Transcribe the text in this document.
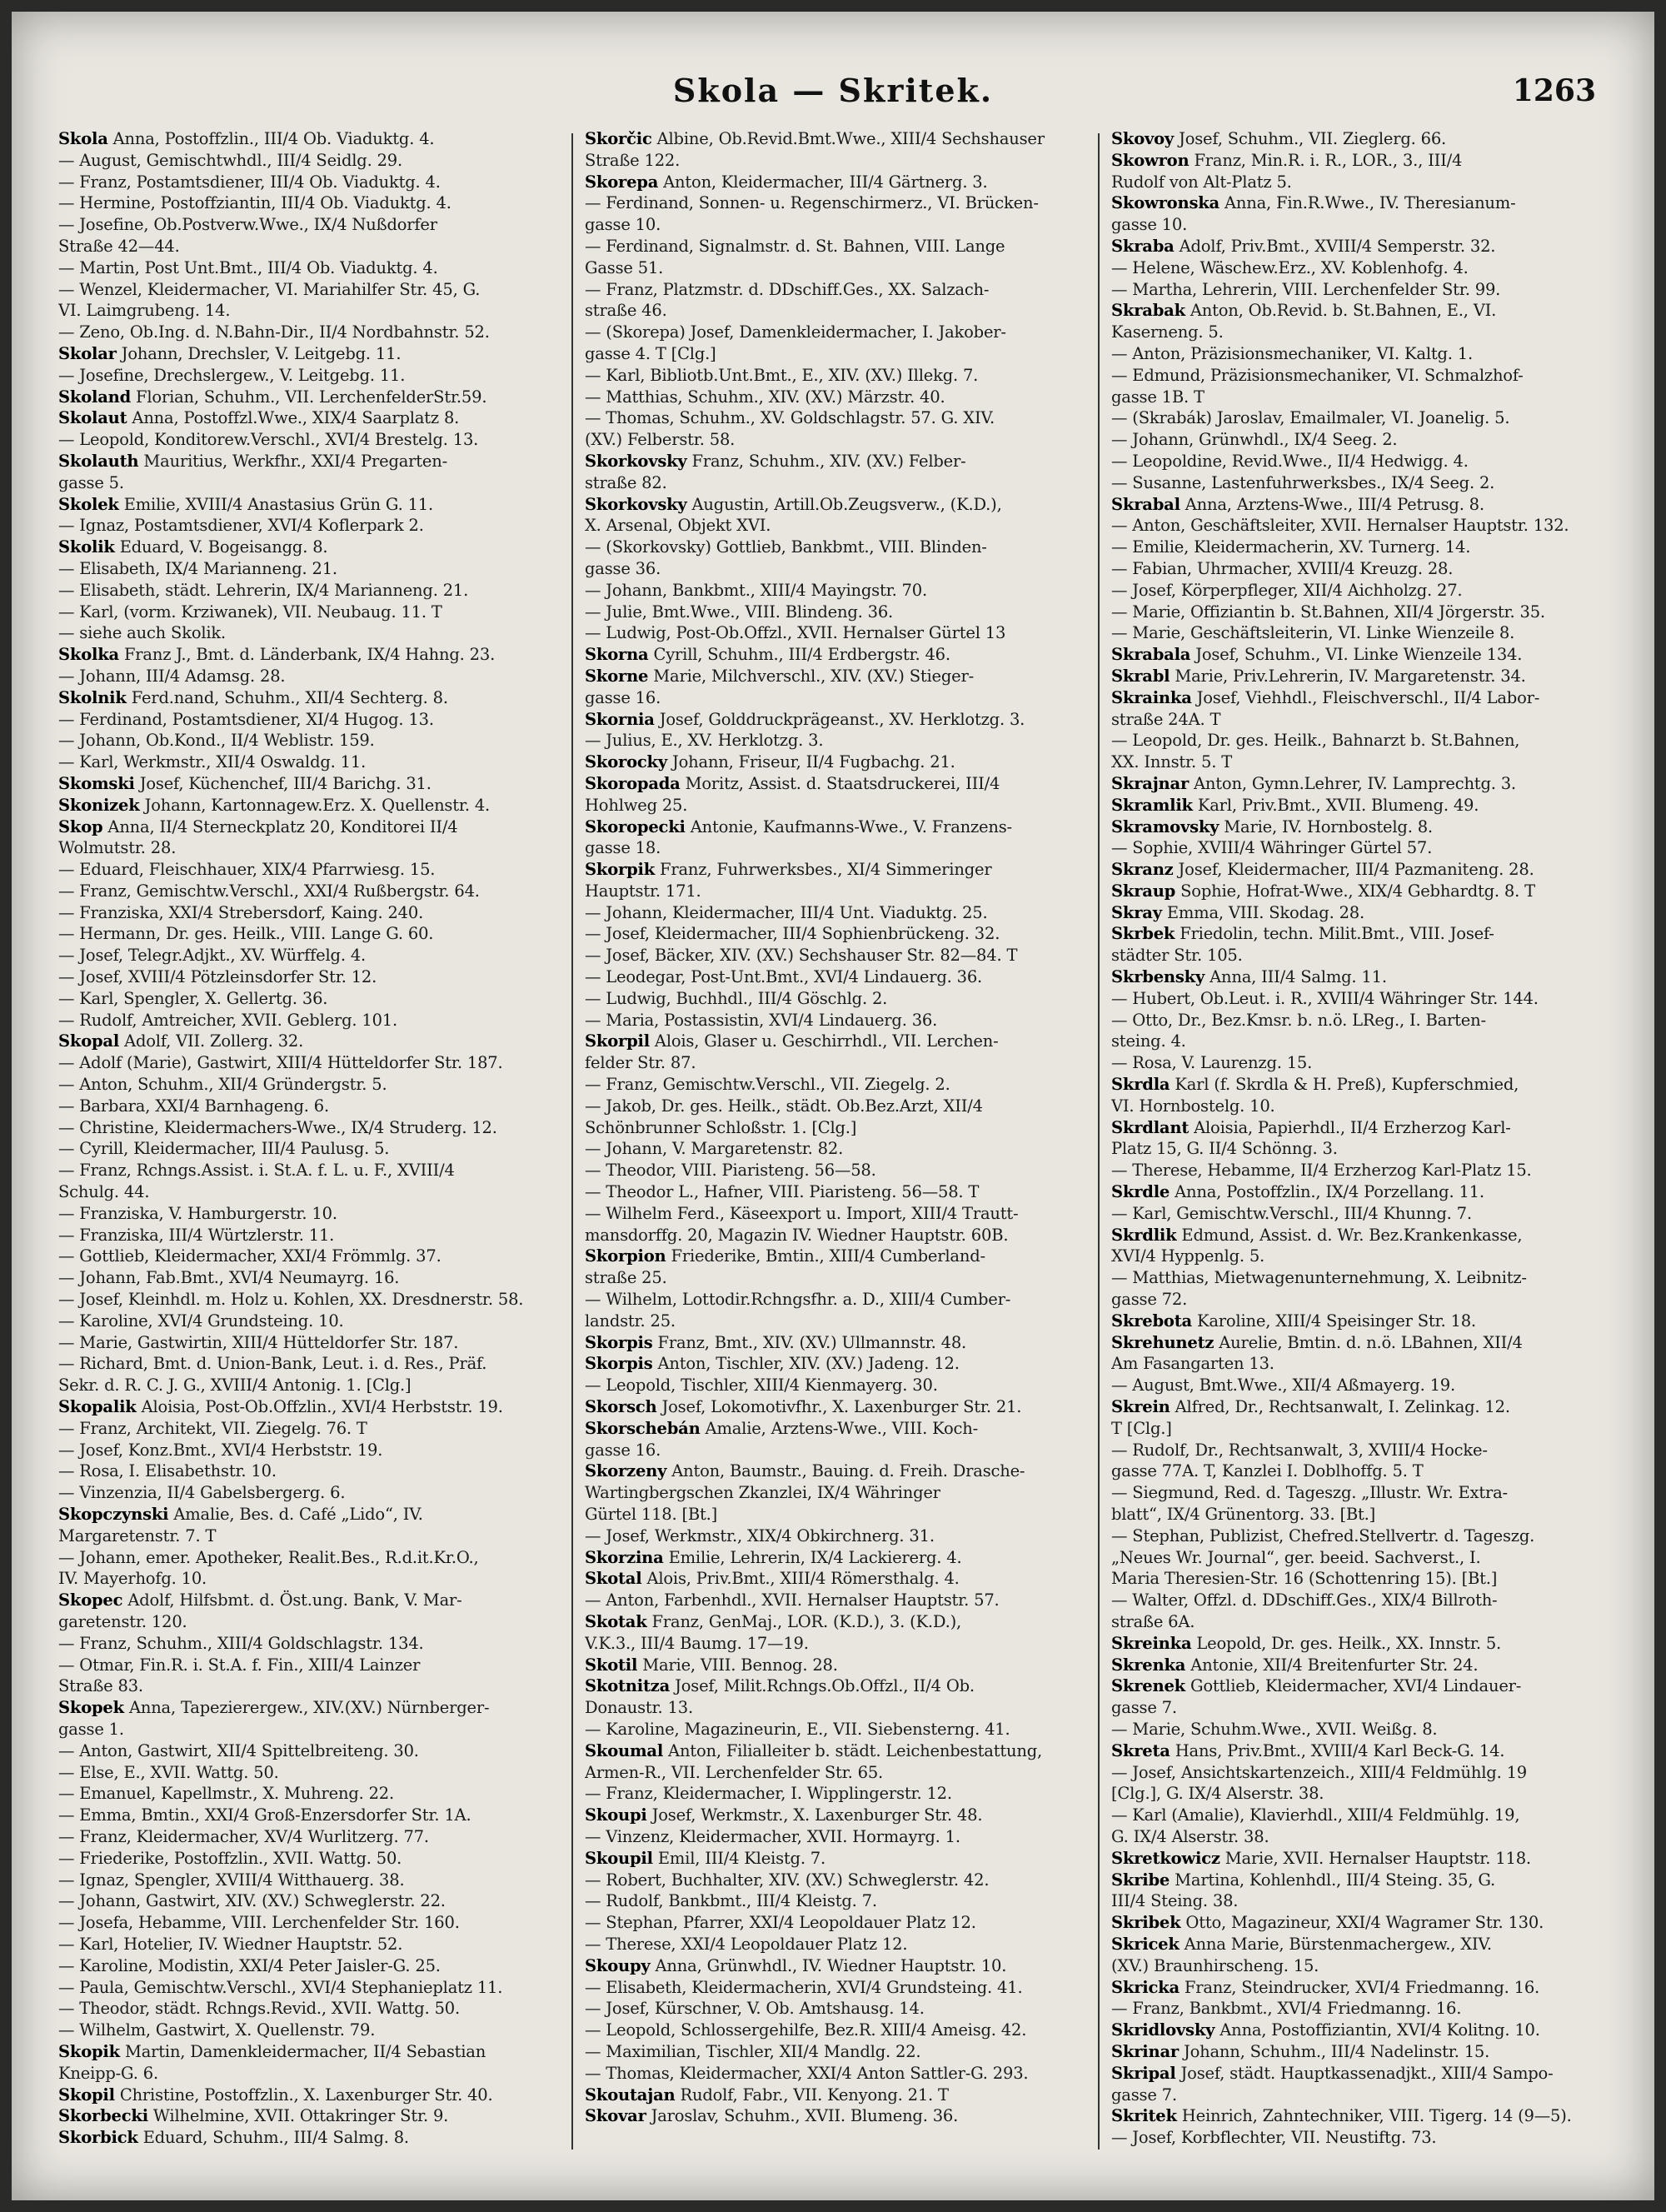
Skola — Skritek.	1263
Skola Anna, Postoffzlin., III/4 Ob. Viaduktg. 4.
— August, Gemischtwhdl., III/4 Seidlg. 29.
— Franz, Postamtsdiener, III/4 Ob. Viaduktg. 4.
— Hermine, Postoffziantin, III/4 Ob. Viaduktg. 4.
— Josefine, Ob.Postverw.Wwe., IX/4 Nußdorfer
Straße 42—44.
— Martin, Post Unt.Bmt., III/4 Ob. Viaduktg. 4.
— Wenzel, Kleidermacher, VI. Mariahilfer Str. 45, G.
VI. Laimgrubeng. 14.
— Zeno, Ob.Ing. d. N.Bahn-Dir., II/4 Nordbahnstr. 52.
Skolar Johann, Drechsler, V. Leitgebg. 11.
— Josefine, Drechslergew., V. Leitgebg. 11.
Skoland Florian, Schuhm., VII. LerchenfelderStr.59.
Skolaut Anna, Postoffzl.Wwe., XIX/4 Saarplatz 8.
— Leopold, Konditorew.Verschl., XVI/4 Brestelg. 13.
Skolauth Mauritius, Werkfhr., XXI/4 Pregarten-
gasse 5.
Skolek Emilie, XVIII/4 Anastasius Grün G. 11.
— Ignaz, Postamtsdiener, XVI/4 Koflerpark 2.
Skolik Eduard, V. Bogeisangg. 8.
— Elisabeth, IX/4 Marianneng. 21.
— Elisabeth, städt. Lehrerin, IX/4 Marianneng. 21.
— Karl, (vorm. Krziwanek), VII. Neubaug. 11. T
— siehe auch Skolik.
Skolka Franz J., Bmt. d. Länderbank, IX/4 Hahng. 23.
— Johann, III/4 Adamsg. 28.
Skolnik Ferd.nand, Schuhm., XII/4 Sechterg. 8.
— Ferdinand, Postamtsdiener, XI/4 Hugog. 13.
— Johann, Ob.Kond., II/4 Weblistr. 159.
— Karl, Werkmstr., XII/4 Oswaldg. 11.
Skomski Josef, Küchenchef, III/4 Barichg. 31.
Skonizek Johann, Kartonnagew.Erz. X. Quellenstr. 4.
Skop Anna, II/4 Sterneckplatz 20, Konditorei II/4
Wolmutstr. 28.
— Eduard, Fleischhauer, XIX/4 Pfarrwiesg. 15.
— Franz, Gemischtw.Verschl., XXI/4 Rußbergstr. 64.
— Franziska, XXI/4 Strebersdorf, Kaing. 240.
— Hermann, Dr. ges. Heilk., VIII. Lange G. 60.
— Josef, Telegr.Adjkt., XV. Würffelg. 4.
— Josef, XVIII/4 Pötzleinsdorfer Str. 12.
— Karl, Spengler, X. Gellertg. 36.
— Rudolf, Amtreicher, XVII. Geblerg. 101.
Skopal Adolf, VII. Zollerg. 32.
— Adolf (Marie), Gastwirt, XIII/4 Hütteldorfer Str. 187.
— Anton, Schuhm., XII/4 Gründergstr. 5.
— Barbara, XXI/4 Barnhageng. 6.
— Christine, Kleidermachers-Wwe., IX/4 Struderg. 12.
— Cyrill, Kleidermacher, III/4 Paulusg. 5.
— Franz, Rchngs.Assist. i. St.A. f. L. u. F., XVIII/4
Schulg. 44.
— Franziska, V. Hamburgerstr. 10.
— Franziska, III/4 Würtzlerstr. 11.
— Gottlieb, Kleidermacher, XXI/4 Frömmlg. 37.
— Johann, Fab.Bmt., XVI/4 Neumayrg. 16.
— Josef, Kleinhdl. m. Holz u. Kohlen, XX. Dresdnerstr. 58.
— Karoline, XVI/4 Grundsteing. 10.
— Marie, Gastwirtin, XIII/4 Hütteldorfer Str. 187.
— Richard, Bmt. d. Union-Bank, Leut. i. d. Res., Präf.
Sekr. d. R. C. J. G., XVIII/4 Antonig. 1. [Clg.]
Skopalik Aloisia, Post-Ob.Offzlin., XVI/4 Herbststr. 19.
— Franz, Architekt, VII. Ziegelg. 76. T
— Josef, Konz.Bmt., XVI/4 Herbststr. 19.
— Rosa, I. Elisabethstr. 10.
— Vinzenzia, II/4 Gabelsbergerg. 6.
Skopczynski Amalie, Bes. d. Café „Lido“, IV.
Margaretenstr. 7. T
— Johann, emer. Apotheker, Realit.Bes., R.d.it.Kr.O.,
IV. Mayerhofg. 10.
Skopec Adolf, Hilfsbmt. d. Öst.ung. Bank, V. Mar-
garetenstr. 120.
— Franz, Schuhm., XIII/4 Goldschlagstr. 134.
— Otmar, Fin.R. i. St.A. f. Fin., XIII/4 Lainzer
Straße 83.
Skopek Anna, Tapezierergew., XIV.(XV.) Nürnberger-
gasse 1.
— Anton, Gastwirt, XII/4 Spittelbreiteng. 30.
— Else, E., XVII. Wattg. 50.
— Emanuel, Kapellmstr., X. Muhreng. 22.
— Emma, Bmtin., XXI/4 Groß-Enzersdorfer Str. 1A.
— Franz, Kleidermacher, XV/4 Wurlitzerg. 77.
— Friederike, Postoffzlin., XVII. Wattg. 50.
— Ignaz, Spengler, XVIII/4 Witthauerg. 38.
— Johann, Gastwirt, XIV. (XV.) Schweglerstr. 22.
— Josefa, Hebamme, VIII. Lerchenfelder Str. 160.
— Karl, Hotelier, IV. Wiedner Hauptstr. 52.
— Karoline, Modistin, XXI/4 Peter Jaisler-G. 25.
— Paula, Gemischtw.Verschl., XVI/4 Stephanieplatz 11.
— Theodor, städt. Rchngs.Revid., XVII. Wattg. 50.
— Wilhelm, Gastwirt, X. Quellenstr. 79.
Skopik Martin, Damenkleidermacher, II/4 Sebastian
Kneipp-G. 6.
Skopil Christine, Postoffzlin., X. Laxenburger Str. 40.
Skorbecki Wilhelmine, XVII. Ottakringer Str. 9.
Skorbick Eduard, Schuhm., III/4 Salmg. 8.
Skorčic Albine, Ob.Revid.Bmt.Wwe., XIII/4 Sechshauser
Straße 122.
Skorepa Anton, Kleidermacher, III/4 Gärtnerg. 3.
— Ferdinand, Sonnen- u. Regenschirmerz., VI. Brücken-
gasse 10.
— Ferdinand, Signalmstr. d. St. Bahnen, VIII. Lange
Gasse 51.
— Franz, Platzmstr. d. DDschiff.Ges., XX. Salzach-
straße 46.
— (Skorepa) Josef, Damenkleidermacher, I. Jakober-
gasse 4. T [Clg.]
— Karl, Bibliotb.Unt.Bmt., E., XIV. (XV.) Illekg. 7.
— Matthias, Schuhm., XIV. (XV.) Märzstr. 40.
— Thomas, Schuhm., XV. Goldschlagstr. 57. G. XIV.
(XV.) Felberstr. 58.
Skorkovsky Franz, Schuhm., XIV. (XV.) Felber-
straße 82.
Skorkovsky Augustin, Artill.Ob.Zeugsverw., (K.D.),
X. Arsenal, Objekt XVI.
— (Skorkovsky) Gottlieb, Bankbmt., VIII. Blinden-
gasse 36.
— Johann, Bankbmt., XIII/4 Mayingstr. 70.
— Julie, Bmt.Wwe., VIII. Blindeng. 36.
— Ludwig, Post-Ob.Offzl., XVII. Hernalser Gürtel 13
Skorna Cyrill, Schuhm., III/4 Erdbergstr. 46.
Skorne Marie, Milchverschl., XIV. (XV.) Stieger-
gasse 16.
Skornia Josef, Golddruckprägeanst., XV. Herklotzg. 3.
— Julius, E., XV. Herklotzg. 3.
Skorocky Johann, Friseur, II/4 Fugbachg. 21.
Skoropada Moritz, Assist. d. Staatsdruckerei, III/4
Hohlweg 25.
Skoropecki Antonie, Kaufmanns-Wwe., V. Franzens-
gasse 18.
Skorpik Franz, Fuhrwerksbes., XI/4 Simmeringer
Hauptstr. 171.
— Johann, Kleidermacher, III/4 Unt. Viaduktg. 25.
— Josef, Kleidermacher, III/4 Sophienbrückeng. 32.
— Josef, Bäcker, XIV. (XV.) Sechshauser Str. 82—84. T
— Leodegar, Post-Unt.Bmt., XVI/4 Lindauerg. 36.
— Ludwig, Buchhdl., III/4 Göschlg. 2.
— Maria, Postassistin, XVI/4 Lindauerg. 36.
Skorpil Alois, Glaser u. Geschirrhdl., VII. Lerchen-
felder Str. 87.
— Franz, Gemischtw.Verschl., VII. Ziegelg. 2.
— Jakob, Dr. ges. Heilk., städt. Ob.Bez.Arzt, XII/4
Schönbrunner Schloßstr. 1. [Clg.]
— Johann, V. Margaretenstr. 82.
— Theodor, VIII. Piaristeng. 56—58.
— Theodor L., Hafner, VIII. Piaristeng. 56—58. T
— Wilhelm Ferd., Käseexport u. Import, XIII/4 Trautt-
mansdorffg. 20, Magazin IV. Wiedner Hauptstr. 60B.
Skorpion Friederike, Bmtin., XIII/4 Cumberland-
straße 25.
— Wilhelm, Lottodir.Rchngsfhr. a. D., XIII/4 Cumber-
landstr. 25.
Skorpis Franz, Bmt., XIV. (XV.) Ullmannstr. 48.
Skorpis Anton, Tischler, XIV. (XV.) Jadeng. 12.
— Leopold, Tischler, XIII/4 Kienmayerg. 30.
Skorsch Josef, Lokomotivfhr., X. Laxenburger Str. 21.
Skorschebán Amalie, Arztens-Wwe., VIII. Koch-
gasse 16.
Skorzeny Anton, Baumstr., Bauing. d. Freih. Drasche-
Wartingbergschen Zkanzlei, IX/4 Währinger
Gürtel 118. [Bt.]
— Josef, Werkmstr., XIX/4 Obkirchnerg. 31.
Skorzina Emilie, Lehrerin, IX/4 Lackiererg. 4.
Skotal Alois, Priv.Bmt., XIII/4 Römersthalg. 4.
— Anton, Farbenhdl., XVII. Hernalser Hauptstr. 57.
Skotak Franz, GenMaj., LOR. (K.D.), 3. (K.D.),
V.K.3., III/4 Baumg. 17—19.
Skotil Marie, VIII. Bennog. 28.
Skotnitza Josef, Milit.Rchngs.Ob.Offzl., II/4 Ob.
Donaustr. 13.
— Karoline, Magazineurin, E., VII. Siebensterng. 41.
Skoumal Anton, Filialleiter b. städt. Leichenbestattung,
Armen-R., VII. Lerchenfelder Str. 65.
— Franz, Kleidermacher, I. Wipplingerstr. 12.
Skoupi Josef, Werkmstr., X. Laxenburger Str. 48.
— Vinzenz, Kleidermacher, XVII. Hormayrg. 1.
Skoupil Emil, III/4 Kleistg. 7.
— Robert, Buchhalter, XIV. (XV.) Schweglerstr. 42.
— Rudolf, Bankbmt., III/4 Kleistg. 7.
— Stephan, Pfarrer, XXI/4 Leopoldauer Platz 12.
— Therese, XXI/4 Leopoldauer Platz 12.
Skoupy Anna, Grünwhdl., IV. Wiedner Hauptstr. 10.
— Elisabeth, Kleidermacherin, XVI/4 Grundsteing. 41.
— Josef, Kürschner, V. Ob. Amtshausg. 14.
— Leopold, Schlossergehilfe, Bez.R. XIII/4 Ameisg. 42.
— Maximilian, Tischler, XII/4 Mandlg. 22.
— Thomas, Kleidermacher, XXI/4 Anton Sattler-G. 293.
Skoutajan Rudolf, Fabr., VII. Kenyong. 21. T
Skovar Jaroslav, Schuhm., XVII. Blumeng. 36.
Skovoy Josef, Schuhm., VII. Zieglerg. 66.
Skowron Franz, Min.R. i. R., LOR., 3., III/4
Rudolf von Alt-Platz 5.
Skowronska Anna, Fin.R.Wwe., IV. Theresianum-
gasse 10.
Skraba Adolf, Priv.Bmt., XVIII/4 Semperstr. 32.
— Helene, Wäschew.Erz., XV. Koblenhofg. 4.
— Martha, Lehrerin, VIII. Lerchenfelder Str. 99.
Skrabak Anton, Ob.Revid. b. St.Bahnen, E., VI.
Kaserneng. 5.
— Anton, Präzisionsmechaniker, VI. Kaltg. 1.
— Edmund, Präzisionsmechaniker, VI. Schmalzhof-
gasse 1B. T
— (Skrabák) Jaroslav, Emailmaler, VI. Joanelig. 5.
— Johann, Grünwhdl., IX/4 Seeg. 2.
— Leopoldine, Revid.Wwe., II/4 Hedwigg. 4.
— Susanne, Lastenfuhrwerksbes., IX/4 Seeg. 2.
Skrabal Anna, Arztens-Wwe., III/4 Petrusg. 8.
— Anton, Geschäftsleiter, XVII. Hernalser Hauptstr. 132.
— Emilie, Kleidermacherin, XV. Turnerg. 14.
— Fabian, Uhrmacher, XVIII/4 Kreuzg. 28.
— Josef, Körperpfleger, XII/4 Aichholzg. 27.
— Marie, Offiziantin b. St.Bahnen, XII/4 Jörgerstr. 35.
— Marie, Geschäftsleiterin, VI. Linke Wienzeile 8.
Skrabala Josef, Schuhm., VI. Linke Wienzeile 134.
Skrabl Marie, Priv.Lehrerin, IV. Margaretenstr. 34.
Skrainka Josef, Viehhdl., Fleischverschl., II/4 Labor-
straße 24A. T
— Leopold, Dr. ges. Heilk., Bahnarzt b. St.Bahnen,
XX. Innstr. 5. T
Skrajnar Anton, Gymn.Lehrer, IV. Lamprechtg. 3.
Skramlik Karl, Priv.Bmt., XVII. Blumeng. 49.
Skramovsky Marie, IV. Hornbostelg. 8.
— Sophie, XVIII/4 Währinger Gürtel 57.
Skranz Josef, Kleidermacher, III/4 Pazmaniteng. 28.
Skraup Sophie, Hofrat-Wwe., XIX/4 Gebhardtg. 8. T
Skray Emma, VIII. Skodag. 28.
Skrbek Friedolin, techn. Milit.Bmt., VIII. Josef-
städter Str. 105.
Skrbensky Anna, III/4 Salmg. 11.
— Hubert, Ob.Leut. i. R., XVIII/4 Währinger Str. 144.
— Otto, Dr., Bez.Kmsr. b. n.ö. LReg., I. Barten-
steing. 4.
— Rosa, V. Laurenzg. 15.
Skrdla Karl (f. Skrdla & H. Preß), Kupferschmied,
VI. Hornbostelg. 10.
Skrdlant Aloisia, Papierhdl., II/4 Erzherzog Karl-
Platz 15, G. II/4 Schönng. 3.
— Therese, Hebamme, II/4 Erzherzog Karl-Platz 15.
Skrdle Anna, Postoffzlin., IX/4 Porzellang. 11.
— Karl, Gemischtw.Verschl., III/4 Khunng. 7.
Skrdlik Edmund, Assist. d. Wr. Bez.Krankenkasse,
XVI/4 Hyppenlg. 5.
— Matthias, Mietwagenunternehmung, X. Leibnitz-
gasse 72.
Skrebota Karoline, XIII/4 Speisinger Str. 18.
Skrehunetz Aurelie, Bmtin. d. n.ö. LBahnen, XII/4
Am Fasangarten 13.
— August, Bmt.Wwe., XII/4 Aßmayerg. 19.
Skrein Alfred, Dr., Rechtsanwalt, I. Zelinkag. 12.
T [Clg.]
— Rudolf, Dr., Rechtsanwalt, 3, XVIII/4 Hocke-
gasse 77A. T, Kanzlei I. Doblhoffg. 5. T
— Siegmund, Red. d. Tageszg. „Illustr. Wr. Extra-
blatt“, IX/4 Grünentorg. 33. [Bt.]
— Stephan, Publizist, Chefred.Stellvertr. d. Tageszg.
„Neues Wr. Journal“, ger. beeid. Sachverst., I.
Maria Theresien-Str. 16 (Schottenring 15). [Bt.]
— Walter, Offzl. d. DDschiff.Ges., XIX/4 Billroth-
straße 6A.
Skreinka Leopold, Dr. ges. Heilk., XX. Innstr. 5.
Skrenka Antonie, XII/4 Breitenfurter Str. 24.
Skrenek Gottlieb, Kleidermacher, XVI/4 Lindauer-
gasse 7.
— Marie, Schuhm.Wwe., XVII. Weißg. 8.
Skreta Hans, Priv.Bmt., XVIII/4 Karl Beck-G. 14.
— Josef, Ansichtskartenzeich., XIII/4 Feldmühlg. 19
[Clg.], G. IX/4 Alserstr. 38.
— Karl (Amalie), Klavierhdl., XIII/4 Feldmühlg. 19,
G. IX/4 Alserstr. 38.
Skretkowicz Marie, XVII. Hernalser Hauptstr. 118.
Skribe Martina, Kohlenhdl., III/4 Steing. 35, G.
III/4 Steing. 38.
Skribek Otto, Magazineur, XXI/4 Wagramer Str. 130.
Skricek Anna Marie, Bürstenmachergew., XIV.
(XV.) Braunhirscheng. 15.
Skricka Franz, Steindrucker, XVI/4 Friedmanng. 16.
— Franz, Bankbmt., XVI/4 Friedmanng. 16.
Skridlovsky Anna, Postoffiziantin, XVI/4 Kolitng. 10.
Skrinar Johann, Schuhm., III/4 Nadelinstr. 15.
Skripal Josef, städt. Hauptkassenadjkt., XIII/4 Sampo-
gasse 7.
Skritek Heinrich, Zahntechniker, VIII. Tigerg. 14 (9—5).
— Josef, Korbflechter, VII. Neustiftg. 73.
